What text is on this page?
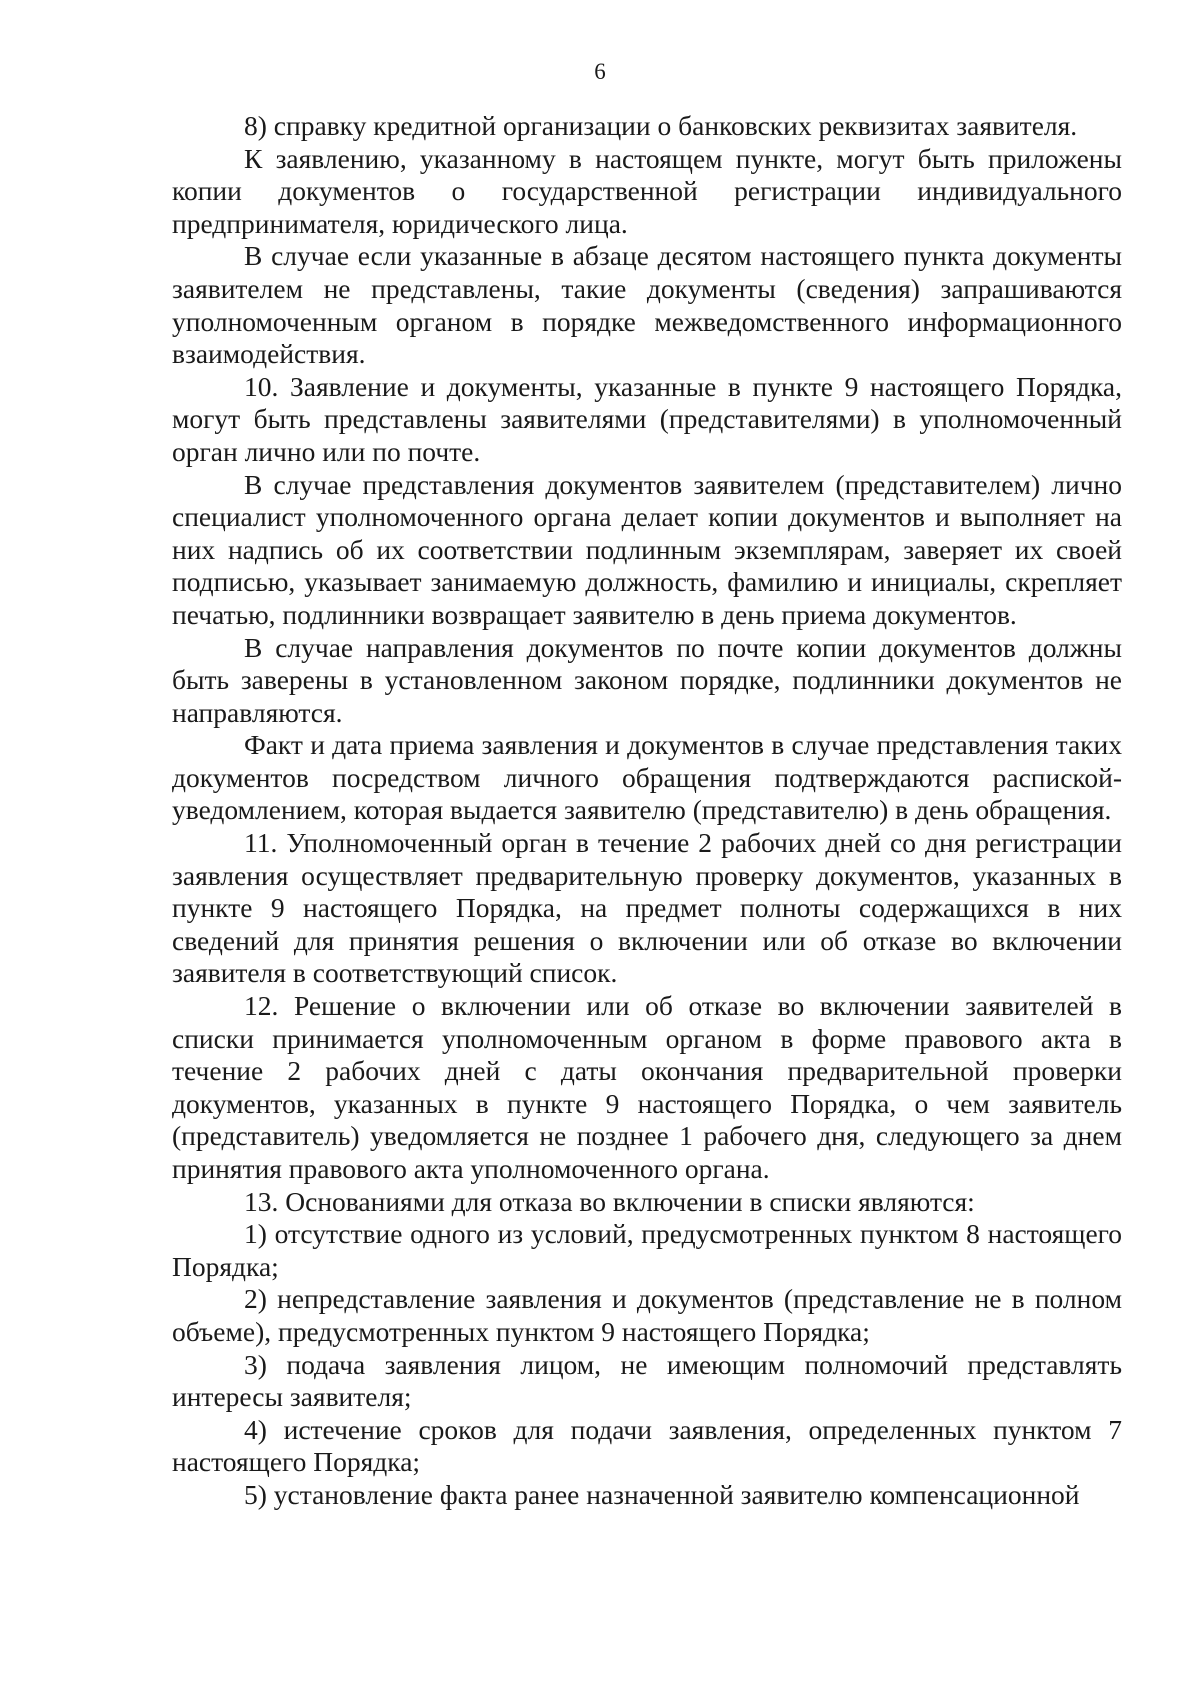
6

8) справку кредитной организации о банковских реквизитах заявителя.

К заявлению, указанному в настоящем пункте, могут быть приложены копии документов о государственной регистрации индивидуального предпринимателя, юридического лица.

В случае если указанные в абзаце десятом настоящего пункта документы заявителем не представлены, такие документы (сведения) запрашиваются уполномоченным органом в порядке межведомственного информационного взаимодействия.

10. Заявление и документы, указанные в пункте 9 настоящего Порядка, могут быть представлены заявителями (представителями) в уполномоченный орган лично или по почте.

В случае представления документов заявителем (представителем) лично специалист уполномоченного органа делает копии документов и выполняет на них надпись об их соответствии подлинным экземплярам, заверяет их своей подписью, указывает занимаемую должность, фамилию и инициалы, скрепляет печатью, подлинники возвращает заявителю в день приема документов.

В случае направления документов по почте копии документов должны быть заверены в установленном законом порядке, подлинники документов не направляются.

Факт и дата приема заявления и документов в случае представления таких документов посредством личного обращения подтверждаются распиской-уведомлением, которая выдается заявителю (представителю) в день обращения.

11. Уполномоченный орган в течение 2 рабочих дней со дня регистрации заявления осуществляет предварительную проверку документов, указанных в пункте 9 настоящего Порядка, на предмет полноты содержащихся в них сведений для принятия решения о включении или об отказе во включении заявителя в соответствующий список.

12. Решение о включении или об отказе во включении заявителей в списки принимается уполномоченным органом в форме правового акта в течение 2 рабочих дней с даты окончания предварительной проверки документов, указанных в пункте 9 настоящего Порядка, о чем заявитель (представитель) уведомляется не позднее 1 рабочего дня, следующего за днем принятия правового акта уполномоченного органа.

13. Основаниями для отказа во включении в списки являются:

1) отсутствие одного из условий, предусмотренных пунктом 8 настоящего Порядка;

2) непредставление заявления и документов (представление не в полном объеме), предусмотренных пунктом 9 настоящего Порядка;

3) подача заявления лицом, не имеющим полномочий представлять интересы заявителя;

4) истечение сроков для подачи заявления, определенных пунктом 7 настоящего Порядка;

5) установление факта ранее назначенной заявителю компенсационной
